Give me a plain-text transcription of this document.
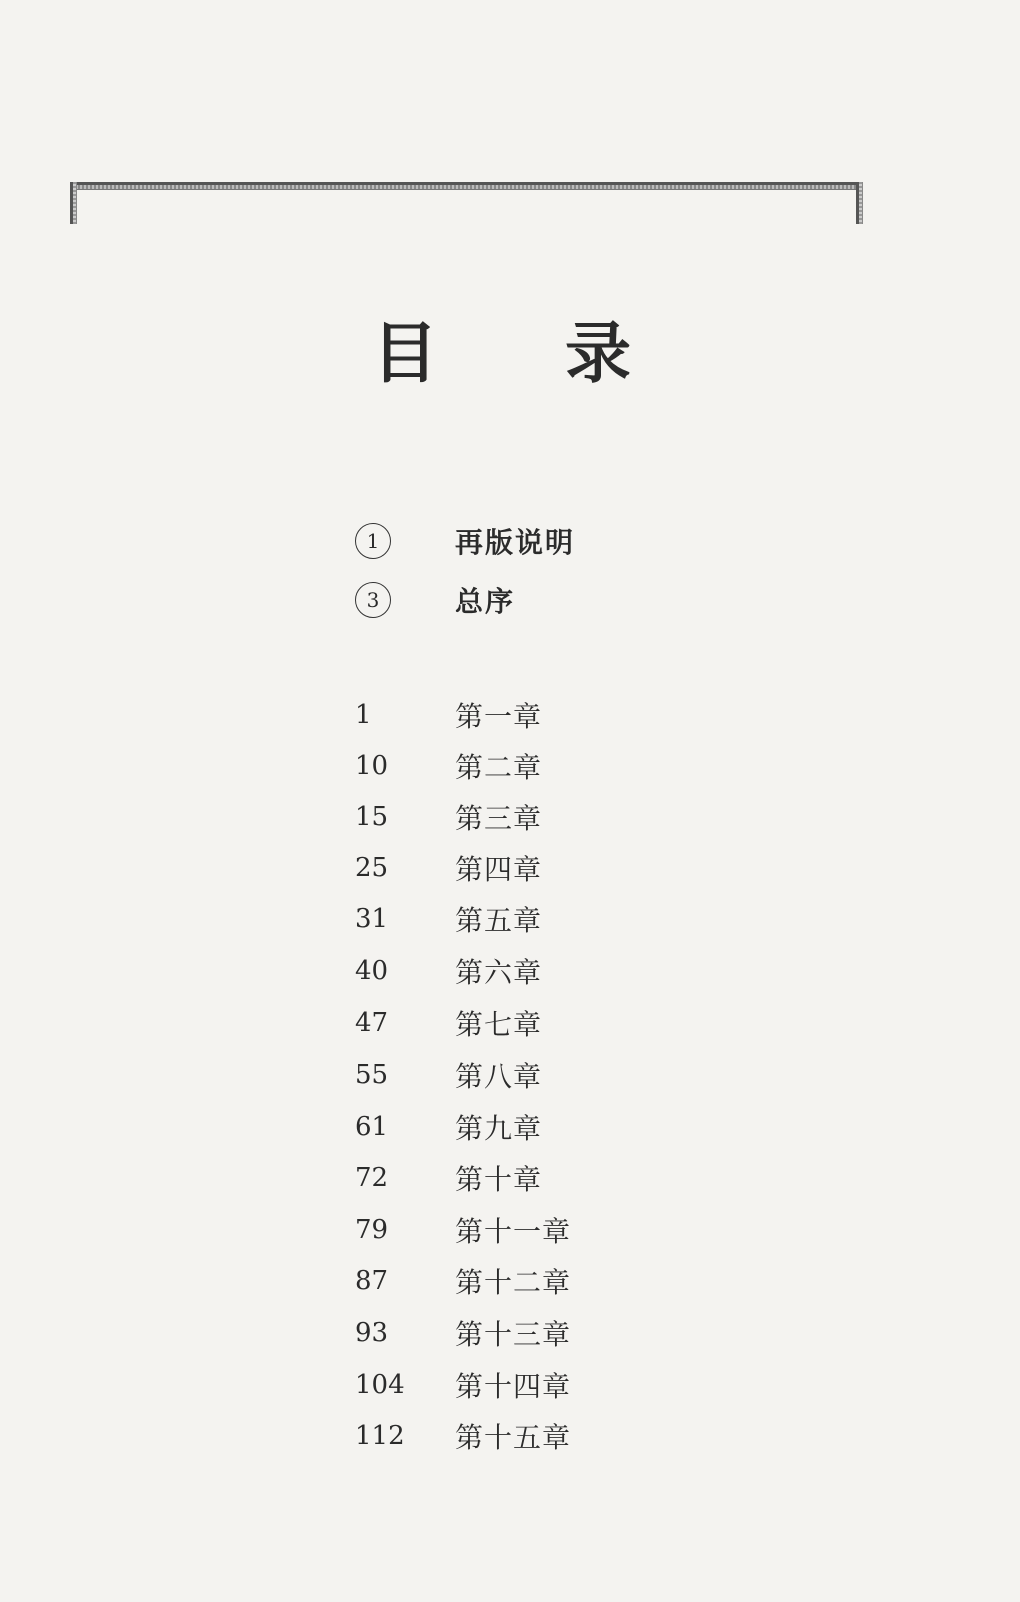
目 录
1	再版说明
3	总序
1	第一章
10	第二章
15	第三章
25	第四章
31	第五章
40	第六章
47	第七章
55	第八章
61	第九章
72	第十章
79	第十一章
87	第十二章
93	第十三章
104	第十四章
112	第十五章
